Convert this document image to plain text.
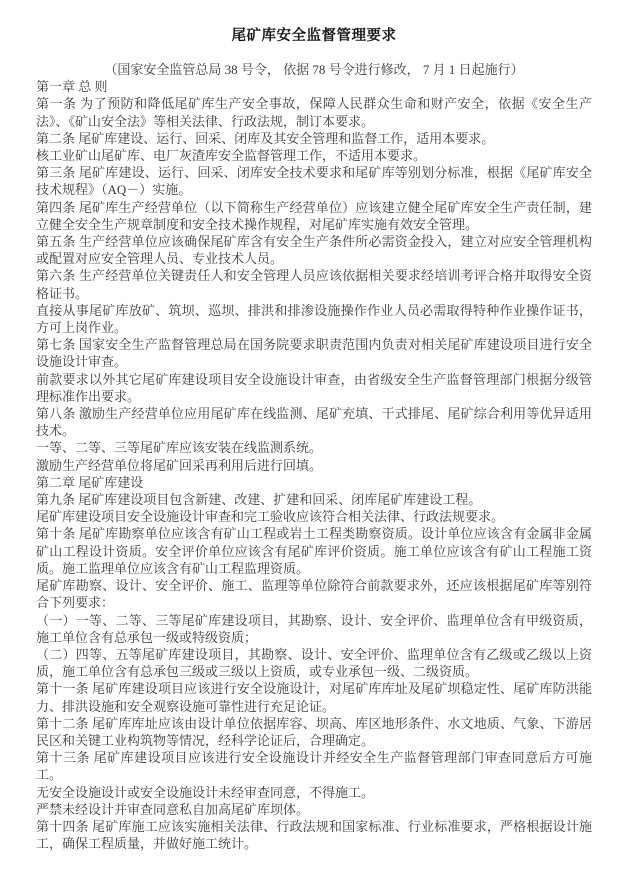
尾矿库安全监督管理要求

（国家安全监管总局 38 号令， 依据 78 号令进行修改， 7 月 1 日起施行）

第一章 总 则

第一条 为了预防和降低尾矿库生产安全事故，保障人民群众生命和财产安全，依据《安全生产法》、《矿山安全法》等相关法律、行政法规，制订本要求。

第二条 尾矿库建设、运行、回采、闭库及其安全管理和监督工作，适用本要求。

核工业矿山尾矿库、电厂灰渣库安全监督管理工作，不适用本要求。

第三条 尾矿库建设、运行、回采、闭库安全技术要求和尾矿库等别划分标准，根据《尾矿库安全技术规程》（AQ－）实施。

第四条 尾矿库生产经营单位（以下简称生产经营单位）应该建立健全尾矿库安全生产责任制，建立健全安全生产规章制度和安全技术操作规程，对尾矿库实施有效安全管理。

第五条 生产经营单位应该确保尾矿库含有安全生产条件所必需资金投入，建立对应安全管理机构或配置对应安全管理人员、专业技术人员。

第六条 生产经营单位关键责任人和安全管理人员应该依据相关要求经培训考评合格并取得安全资格证书。

直接从事尾矿库放矿、筑坝、巡坝、排洪和排渗设施操作作业人员必需取得特种作业操作证书，方可上岗作业。

第七条 国家安全生产监督管理总局在国务院要求职责范围内负责对相关尾矿库建设项目进行安全设施设计审查。

前款要求以外其它尾矿库建设项目安全设施设计审查，由省级安全生产监督管理部门根据分级管理标准作出要求。

第八条 激励生产经营单位应用尾矿库在线监测、尾矿充填、干式排尾、尾矿综合利用等优异适用技术。

一等、二等、三等尾矿库应该安装在线监测系统。

激励生产经营单位将尾矿回采再利用后进行回填。

第二章 尾矿库建设

第九条 尾矿库建设项目包含新建、改建、扩建和回采、闭库尾矿库建设工程。

尾矿库建设项目安全设施设计审查和完工验收应该符合相关法律、行政法规要求。

第十条 尾矿库勘察单位应该含有矿山工程或岩土工程类勘察资质。设计单位应该含有金属非金属矿山工程设计资质。安全评价单位应该含有尾矿库评价资质。施工单位应该含有矿山工程施工资质。施工监理单位应该含有矿山工程监理资质。

尾矿库勘察、设计、安全评价、施工、监理等单位除符合前款要求外，还应该根据尾矿库等别符合下列要求：

（一）一等、二等、三等尾矿库建设项目，其勘察、设计、安全评价、监理单位含有甲级资质，施工单位含有总承包一级或特级资质；

（二）四等、五等尾矿库建设项目，其勘察、设计、安全评价、监理单位含有乙级或乙级以上资质，施工单位含有总承包三级或三级以上资质，或专业承包一级、二级资质。

第十一条 尾矿库建设项目应该进行安全设施设计，对尾矿库库址及尾矿坝稳定性、尾矿库防洪能力、排洪设施和安全观察设施可靠性进行充足论证。

第十二条 尾矿库库址应该由设计单位依据库容、坝高、库区地形条件、水文地质、气象、下游居民区和关键工业构筑物等情况，经科学论证后，合理确定。

第十三条 尾矿库建设项目应该进行安全设施设计并经安全生产监督管理部门审查同意后方可施工。

无安全设施设计或安全设施设计未经审查同意，不得施工。

严禁未经设计并审查同意私自加高尾矿库坝体。

第十四条 尾矿库施工应该实施相关法律、行政法规和国家标准、行业标准要求，严格根据设计施工，确保工程质量，并做好施工统计。
